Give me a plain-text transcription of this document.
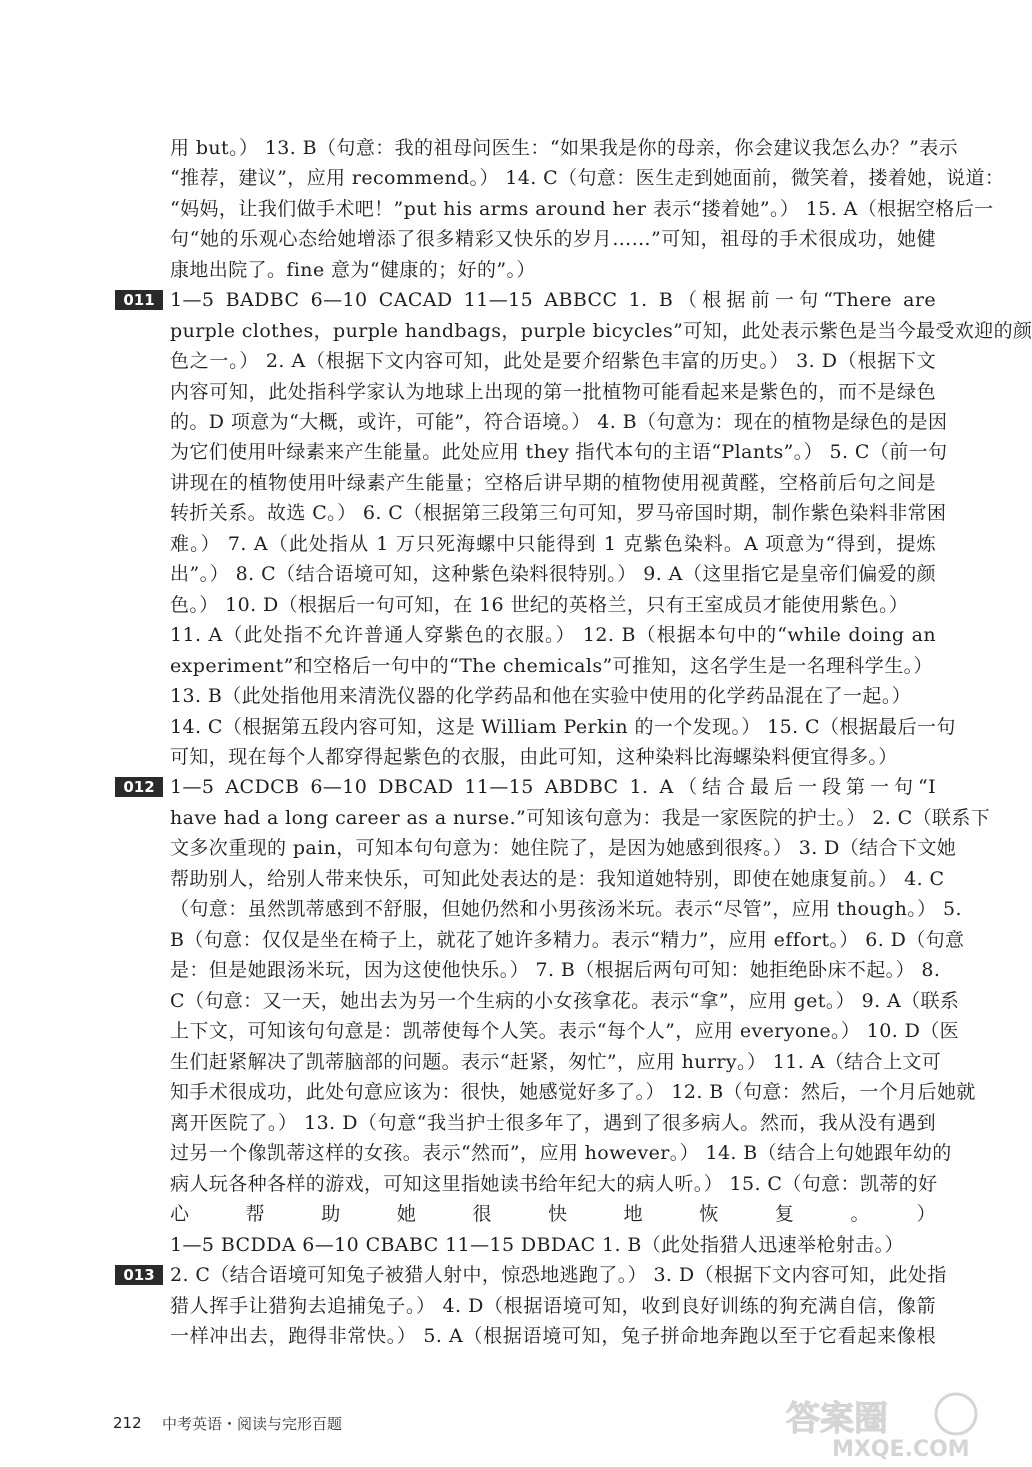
用 but。） 13. B（句意：我的祖母问医生：“如果我是你的母亲，你会建议我怎么办？”表示
“推荐，建议”，应用 recommend。） 14. C（句意：医生走到她面前，微笑着，搂着她，说道：
“妈妈，让我们做手术吧！”put his arms around her 表示“搂着她”。） 15. A（根据空格后一
句“她的乐观心态给她增添了很多精彩又快乐的岁月……”可知，祖母的手术很成功，她健
康地出院了。fine 意为“健康的；好的”。）
011 1—5 BADBC 6—10 CACAD 11—15 ABBCC 1. B（根据前一句“There are
purple clothes，purple handbags，purple bicycles”可知，此处表示紫色是当今最受欢迎的颜
色之一。） 2. A（根据下文内容可知，此处是要介绍紫色丰富的历史。） 3. D（根据下文
内容可知，此处指科学家认为地球上出现的第一批植物可能看起来是紫色的，而不是绿色
的。D 项意为“大概，或许，可能”，符合语境。） 4. B（句意为：现在的植物是绿色的是因
为它们使用叶绿素来产生能量。此处应用 they 指代本句的主语“Plants”。） 5. C（前一句
讲现在的植物使用叶绿素产生能量；空格后讲早期的植物使用视黄醛，空格前后句之间是
转折关系。故选 C。） 6. C（根据第三段第三句可知，罗马帝国时期，制作紫色染料非常困
难。） 7. A（此处指从 1 万只死海螺中只能得到 1 克紫色染料。A 项意为“得到，提炼
出”。） 8. C（结合语境可知，这种紫色染料很特别。） 9. A（这里指它是皇帝们偏爱的颜
色。） 10. D（根据后一句可知，在 16 世纪的英格兰，只有王室成员才能使用紫色。）
11. A（此处指不允许普通人穿紫色的衣服。） 12. B（根据本句中的“while doing an
experiment”和空格后一句中的“The chemicals”可推知，这名学生是一名理科学生。）
13. B（此处指他用来清洗仪器的化学药品和他在实验中使用的化学药品混在了一起。）
14. C（根据第五段内容可知，这是 William Perkin 的一个发现。） 15. C（根据最后一句
可知，现在每个人都穿得起紫色的衣服，由此可知，这种染料比海螺染料便宜得多。）
012 1—5 ACDCB 6—10 DBCAD 11—15 ABDBC 1. A（结合最后一段第一句“I
have had a long career as a nurse.”可知该句意为：我是一家医院的护士。） 2. C（联系下
文多次重现的 pain，可知本句句意为：她住院了，是因为她感到很疼。） 3. D（结合下文她
帮助别人，给别人带来快乐，可知此处表达的是：我知道她特别，即使在她康复前。） 4. C
（句意：虽然凯蒂感到不舒服，但她仍然和小男孩汤米玩。表示“尽管”，应用 though。） 5.
B（句意：仅仅是坐在椅子上，就花了她许多精力。表示“精力”，应用 effort。） 6. D（句意
是：但是她跟汤米玩，因为这使他快乐。） 7. B（根据后两句可知：她拒绝卧床不起。） 8.
C（句意：又一天，她出去为另一个生病的小女孩拿花。表示“拿”，应用 get。） 9. A（联系
上下文，可知该句句意是：凯蒂使每个人笑。表示“每个人”，应用 everyone。） 10. D（医
生们赶紧解决了凯蒂脑部的问题。表示“赶紧，匆忙”，应用 hurry。） 11. A（结合上文可
知手术很成功，此处句意应该为：很快，她感觉好多了。） 12. B（句意：然后，一个月后她就
离开医院了。） 13. D（句意“我当护士很多年了，遇到了很多病人。然而，我从没有遇到
过另一个像凯蒂这样的女孩。表示“然而”，应用 however。） 14. B（结合上句她跟年幼的
病人玩各种各样的游戏，可知这里指她读书给年纪大的病人听。） 15. C（句意：凯蒂的好
心帮助她很快地恢复。）
1—5 BCDDA 6—10 CBABC 11—15 DBDAC 1. B（此处指猎人迅速举枪射击。）
013 2. C（结合语境可知兔子被猎人射中，惊恐地逃跑了。） 3. D（根据下文内容可知，此处指
猎人挥手让猎狗去追捕兔子。） 4. D（根据语境可知，收到良好训练的狗充满自信，像箭
一样冲出去，跑得非常快。） 5. A（根据语境可知，兔子拼命地奔跑以至于它看起来像根
212 中考英语・阅读与完形百题	答案圈
MXQE.COM
